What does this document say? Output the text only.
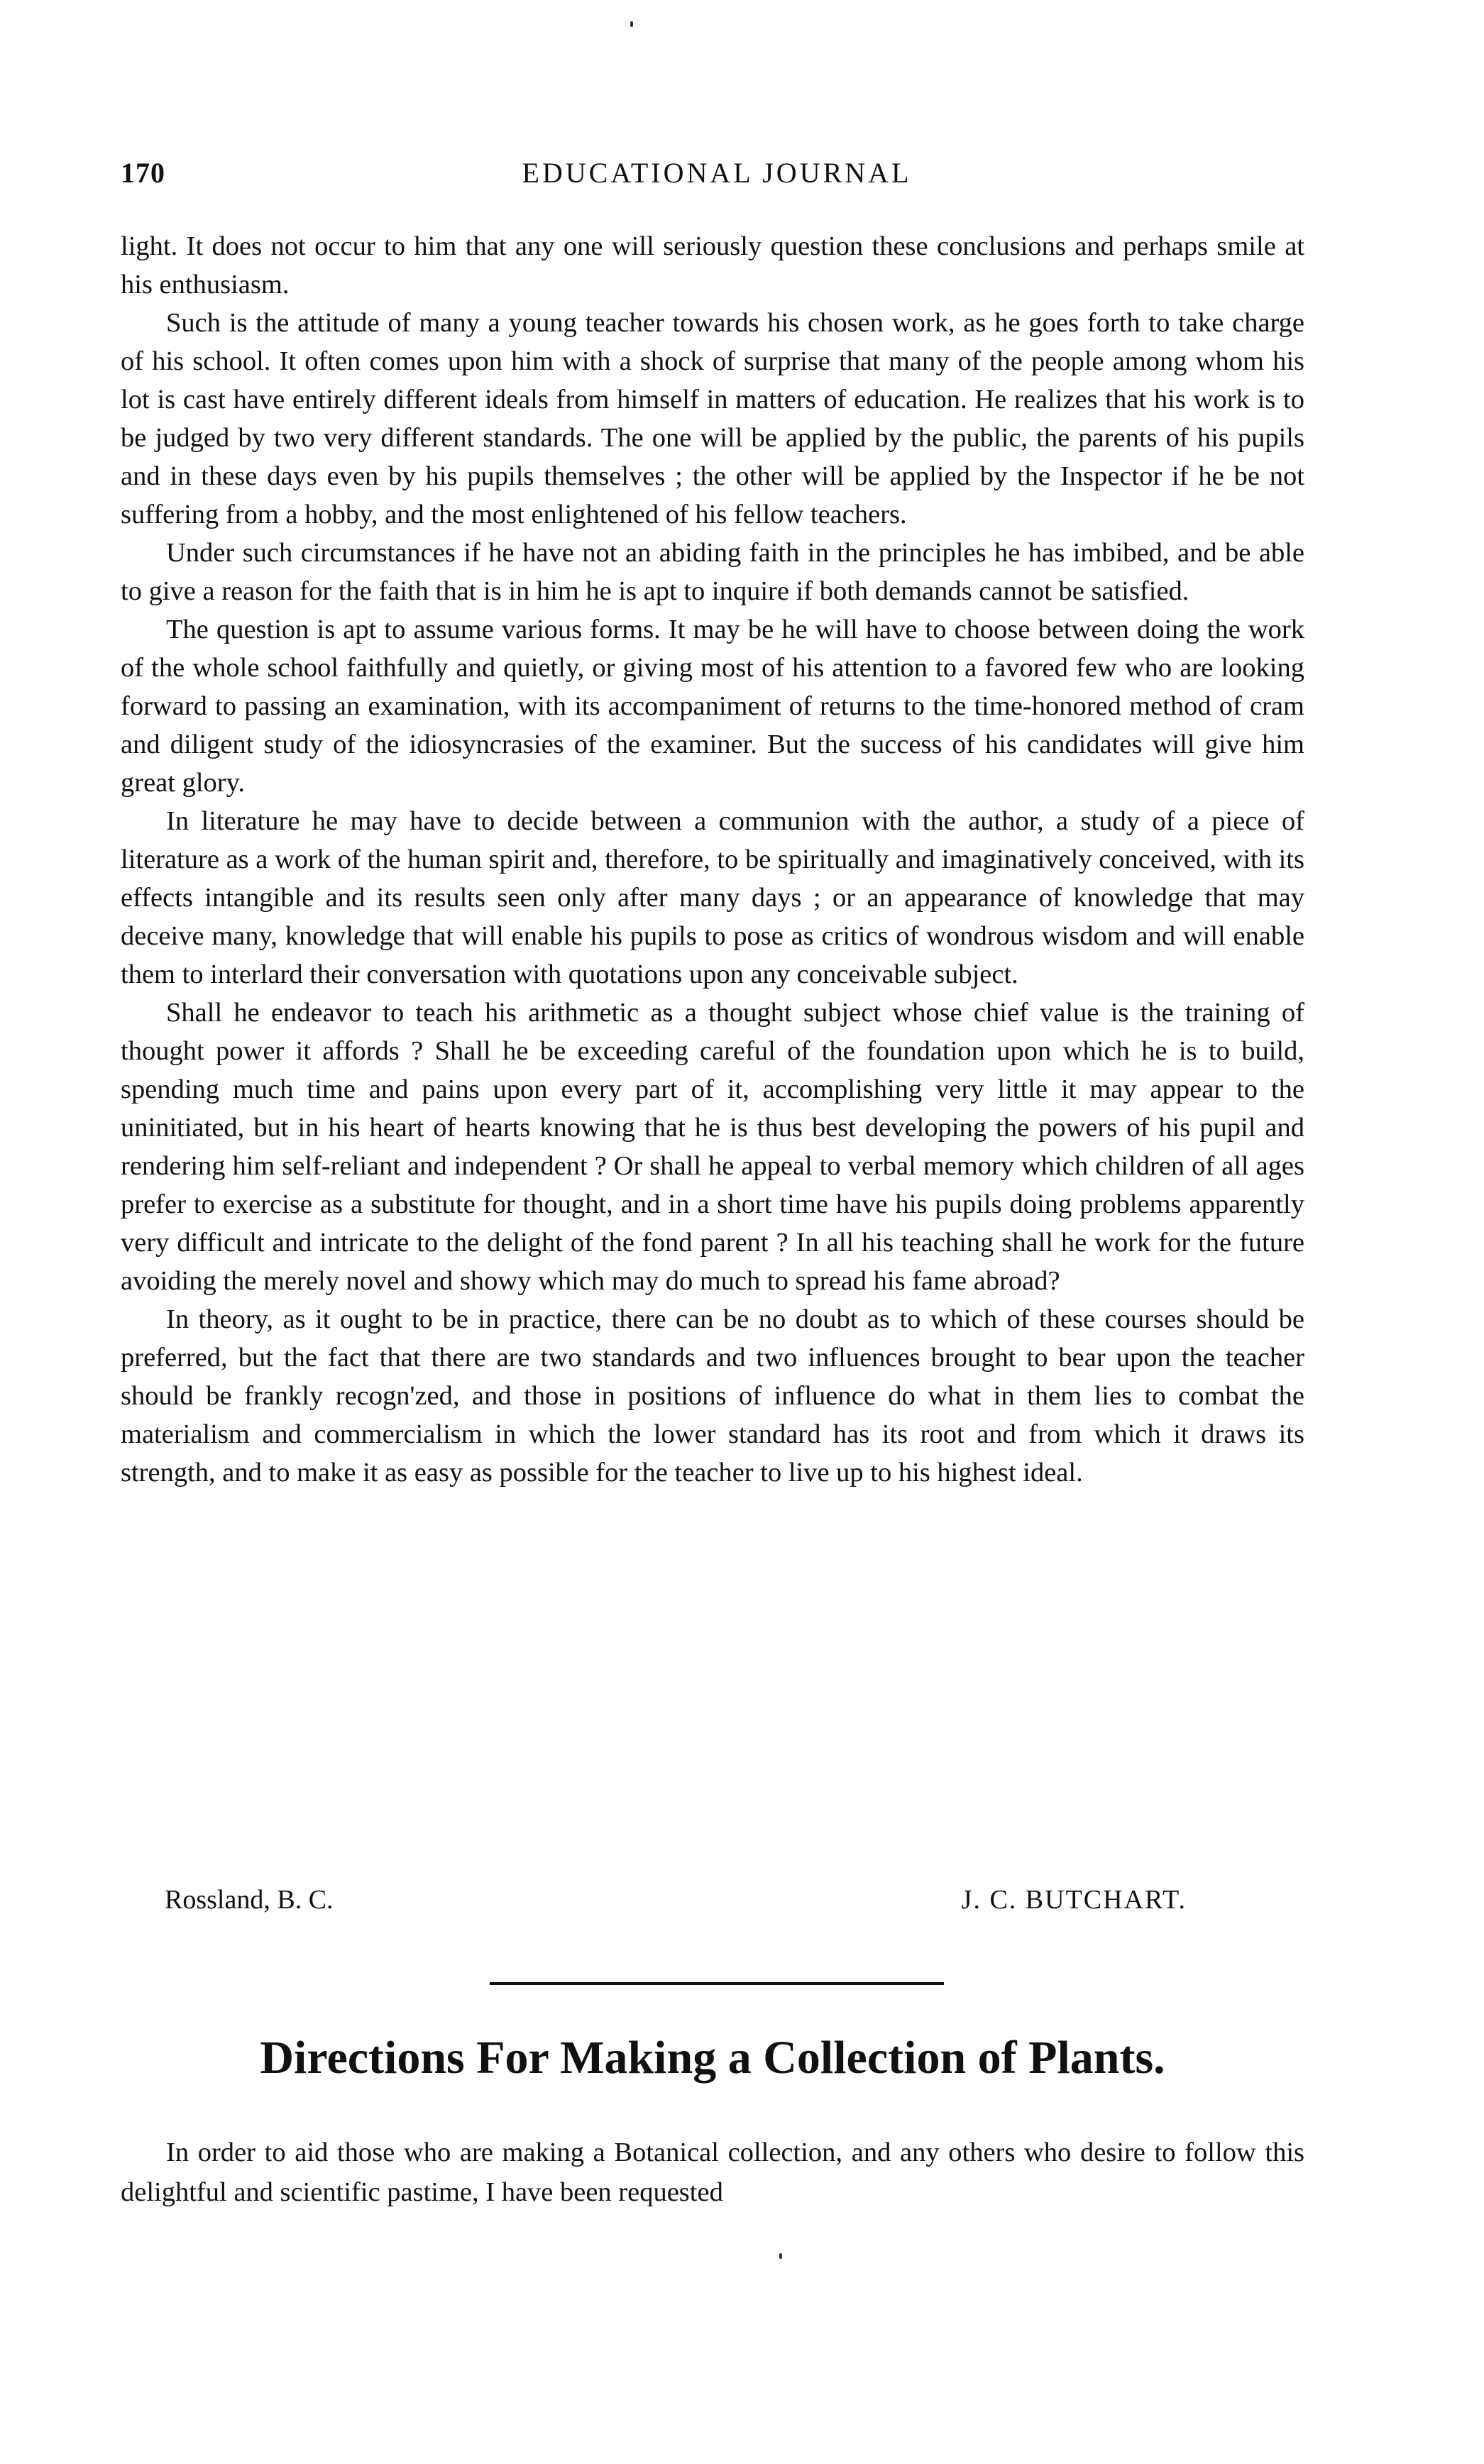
170	EDUCATIONAL JOURNAL

light. It does not occur to him that any one will seriously question these conclusions and perhaps smile at his enthusiasm.

Such is the attitude of many a young teacher towards his chosen work, as he goes forth to take charge of his school. It often comes upon him with a shock of surprise that many of the people among whom his lot is cast have entirely different ideals from himself in matters of education. He realizes that his work is to be judged by two very different standards. The one will be applied by the public, the parents of his pupils and in these days even by his pupils themselves ; the other will be applied by the Inspector if he be not suffering from a hobby, and the most enlightened of his fellow teachers.

Under such circumstances if he have not an abiding faith in the principles he has imbibed, and be able to give a reason for the faith that is in him he is apt to inquire if both demands cannot be satisfied.

The question is apt to assume various forms. It may be he will have to choose between doing the work of the whole school faithfully and quietly, or giving most of his attention to a favored few who are looking forward to passing an examination, with its accompaniment of returns to the time-honored method of cram and diligent study of the idiosyncrasies of the examiner. But the success of his candidates will give him great glory.

In literature he may have to decide between a communion with the author, a study of a piece of literature as a work of the human spirit and, therefore, to be spiritually and imaginatively conceived, with its effects intangible and its results seen only after many days ; or an appearance of knowledge that may deceive many, knowledge that will enable his pupils to pose as critics of wondrous wisdom and will enable them to interlard their conversation with quotations upon any conceivable subject.

Shall he endeavor to teach his arithmetic as a thought subject whose chief value is the training of thought power it affords ? Shall he be exceeding careful of the foundation upon which he is to build, spending much time and pains upon every part of it, accomplishing very little it may appear to the uninitiated, but in his heart of hearts knowing that he is thus best developing the powers of his pupil and rendering him self-reliant and independent ? Or shall he appeal to verbal memory which children of all ages prefer to exercise as a substitute for thought, and in a short time have his pupils doing problems apparently very difficult and intricate to the delight of the fond parent ? In all his teaching shall he work for the future avoiding the merely novel and showy which may do much to spread his fame abroad?

In theory, as it ought to be in practice, there can be no doubt as to which of these courses should be preferred, but the fact that there are two standards and two influences brought to bear upon the teacher should be frankly recogn'zed, and those in positions of influence do what in them lies to combat the materialism and commercialism in which the lower standard has its root and from which it draws its strength, and to make it as easy as possible for the teacher to live up to his highest ideal.

Rossland, B. C.	J. C. BUTCHART.
Directions For Making a Collection of Plants.

In order to aid those who are making a Botanical collection, and any others who desire to follow this delightful and scientific pastime, I have been requested
